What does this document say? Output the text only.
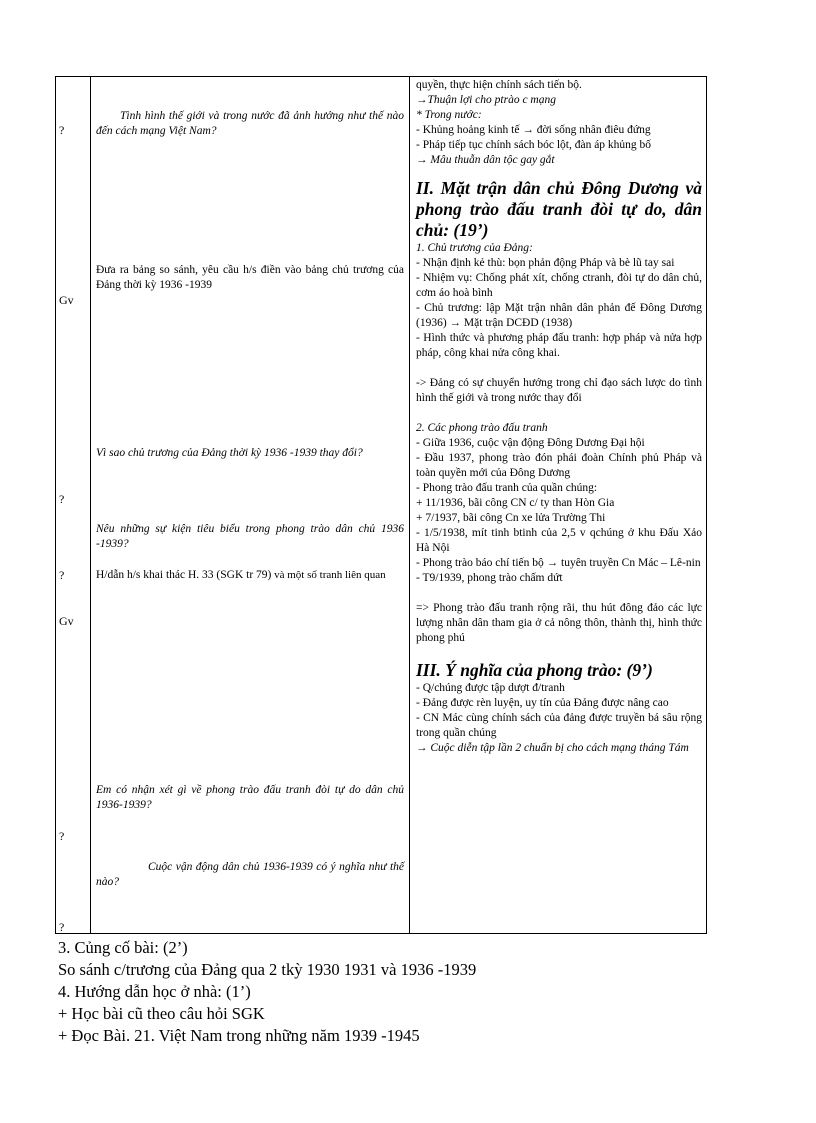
?
Gv
?
?
Gv
?
?
Tình hình thế giới và trong nước đã ảnh hưởng như thế nào đến cách mạng Việt Nam?
Đưa ra bảng so sánh, yêu cầu h/s điền vào bảng chủ trương của Đảng thời kỳ 1936 -1939
Vì sao chủ trương của Đảng thời kỳ 1936 -1939 thay đổi?
Nêu những sự kiện tiêu biểu trong phong trào dân chủ 1936 -1939?
H/dẫn h/s khai thác H. 33 (SGK tr 79) và một số tranh liên quan
Em có nhận xét gì về phong trào đấu tranh đòi tự do dân chủ 1936-1939?
Cuộc vận động dân chủ 1936-1939 có ý nghĩa như thế nào?

quyền, thực hiện chính sách tiến bộ.

→Thuận lợi cho ptrào c mạng

* Trong nước:

- Khủng hoảng kinh tế → đời sống nhân điêu đứng

- Pháp tiếp tục chính sách bóc lột, đàn áp khủng bố

→ Mâu thuẫn dân tộc gay gắt

II. Mặt trận dân chủ Đông Dương và phong trào đấu tranh đòi tự do, dân chủ: (19’)

1. Chủ trương của Đảng:

- Nhận định kẻ thù: bọn phản động Pháp và bè lũ tay sai

- Nhiệm vụ: Chống phát xít, chống ctranh, đòi tự do dân chủ, cơm áo hoà bình

- Chủ trương: lập Mặt trận nhân dân phản đế Đông Dương (1936) → Mặt trận DCĐD (1938)

- Hình thức và phương pháp đấu tranh: hợp pháp và nửa hợp pháp, công khai nửa công khai.

-> Đảng có sự chuyển hướng trong chỉ đạo sách lược do tình hình thế giới và trong nước thay đổi

2. Các phong trào đấu tranh

- Giữa 1936, cuộc vận động Đông Dương Đại hội

- Đầu 1937, phong trào đón phái đoàn Chính phủ Pháp và toàn quyền mới của Đông Dương

- Phong trào đấu tranh của quần chúng:

+ 11/1936, bãi công CN c/ ty than Hòn Gia

+ 7/1937, bãi công Cn xe lửa Trường Thi

- 1/5/1938, mít tinh btinh của 2,5 v qchúng ở khu Đấu Xảo Hà Nội

- Phong trào báo chí tiến bộ → tuyên truyền Cn Mác – Lê-nin

- T9/1939, phong trào chấm dứt

=> Phong trào đấu tranh rộng rãi, thu hút đông đảo các lực lượng nhân dân tham gia ở cả nông thôn, thành thị, hình thức phong phú

III. Ý nghĩa của phong trào: (9’)

- Q/chúng được tập dượt đ/tranh

- Đảng được rèn luyện, uy tín của Đảng được nâng cao

- CN Mác cùng chính sách của đảng được truyền bá sâu rộng trong quần chúng

→ Cuộc diễn tập lần 2 chuẩn bị cho cách mạng tháng Tám

3. Củng cố bài: (2’)
So sánh c/trương của Đảng qua 2 tkỳ 1930 1931 và 1936 -1939
4. Hướng dẫn học ở nhà: (1’)
+ Học bài cũ theo câu hỏi SGK
+ Đọc Bài. 21. Việt Nam trong những năm 1939 -1945
